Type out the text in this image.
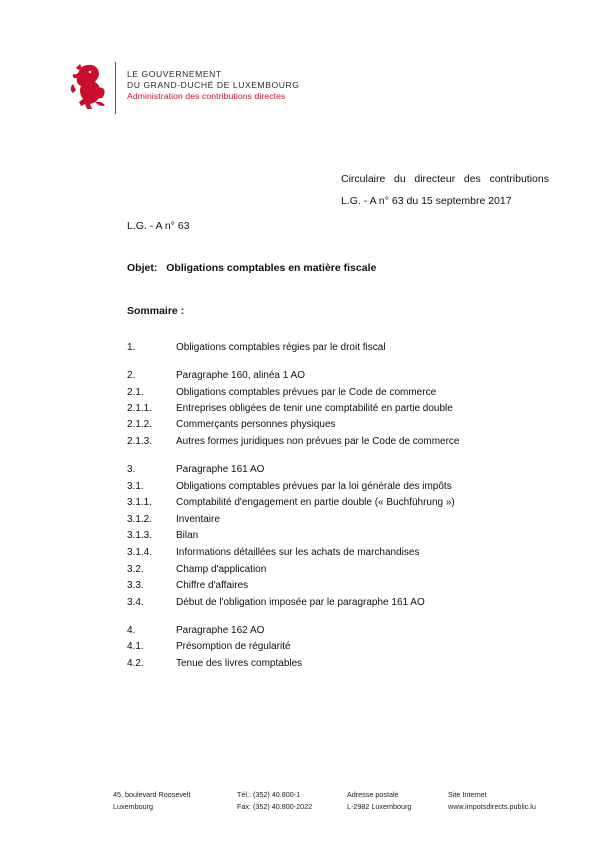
LE GOUVERNEMENT
DU GRAND-DUCHÉ DE LUXEMBOURG
Administration des contributions directes
Circulaire du directeur des contributions
L.G. - A n° 63 du 15 septembre 2017
L.G. - A n° 63
Objet: Obligations comptables en matière fiscale
Sommaire :
1.	Obligations comptables régies par le droit fiscal
2.	Paragraphe 160, alinéa 1 AO
2.1.	Obligations comptables prévues par le Code de commerce
2.1.1. Entreprises obligées de tenir une comptabilité en partie double
2.1.2. Commerçants personnes physiques
2.1.3. Autres formes juridiques non prévues par le Code de commerce
3.	Paragraphe 161 AO
3.1.	Obligations comptables prévues par la loi générale des impôts
3.1.1. Comptabilité d'engagement en partie double (« Buchführung »)
3.1.2. Inventaire
3.1.3. Bilan
3.1.4. Informations détaillées sur les achats de marchandises
3.2.	Champ d'application
3.3.	Chiffre d'affaires
3.4.	Début de l'obligation imposée par le paragraphe 161 AO
4.	Paragraphe 162 AO
4.1.	Présomption de régularité
4.2.	Tenue des livres comptables
45, boulevard Roosevelt
Luxembourg
Tél.: (352) 40.800-1
Fax: (352) 40.800-2022
Adresse postale
L-2982 Luxembourg
Site Internet
www.impotsdirects.public.lu
